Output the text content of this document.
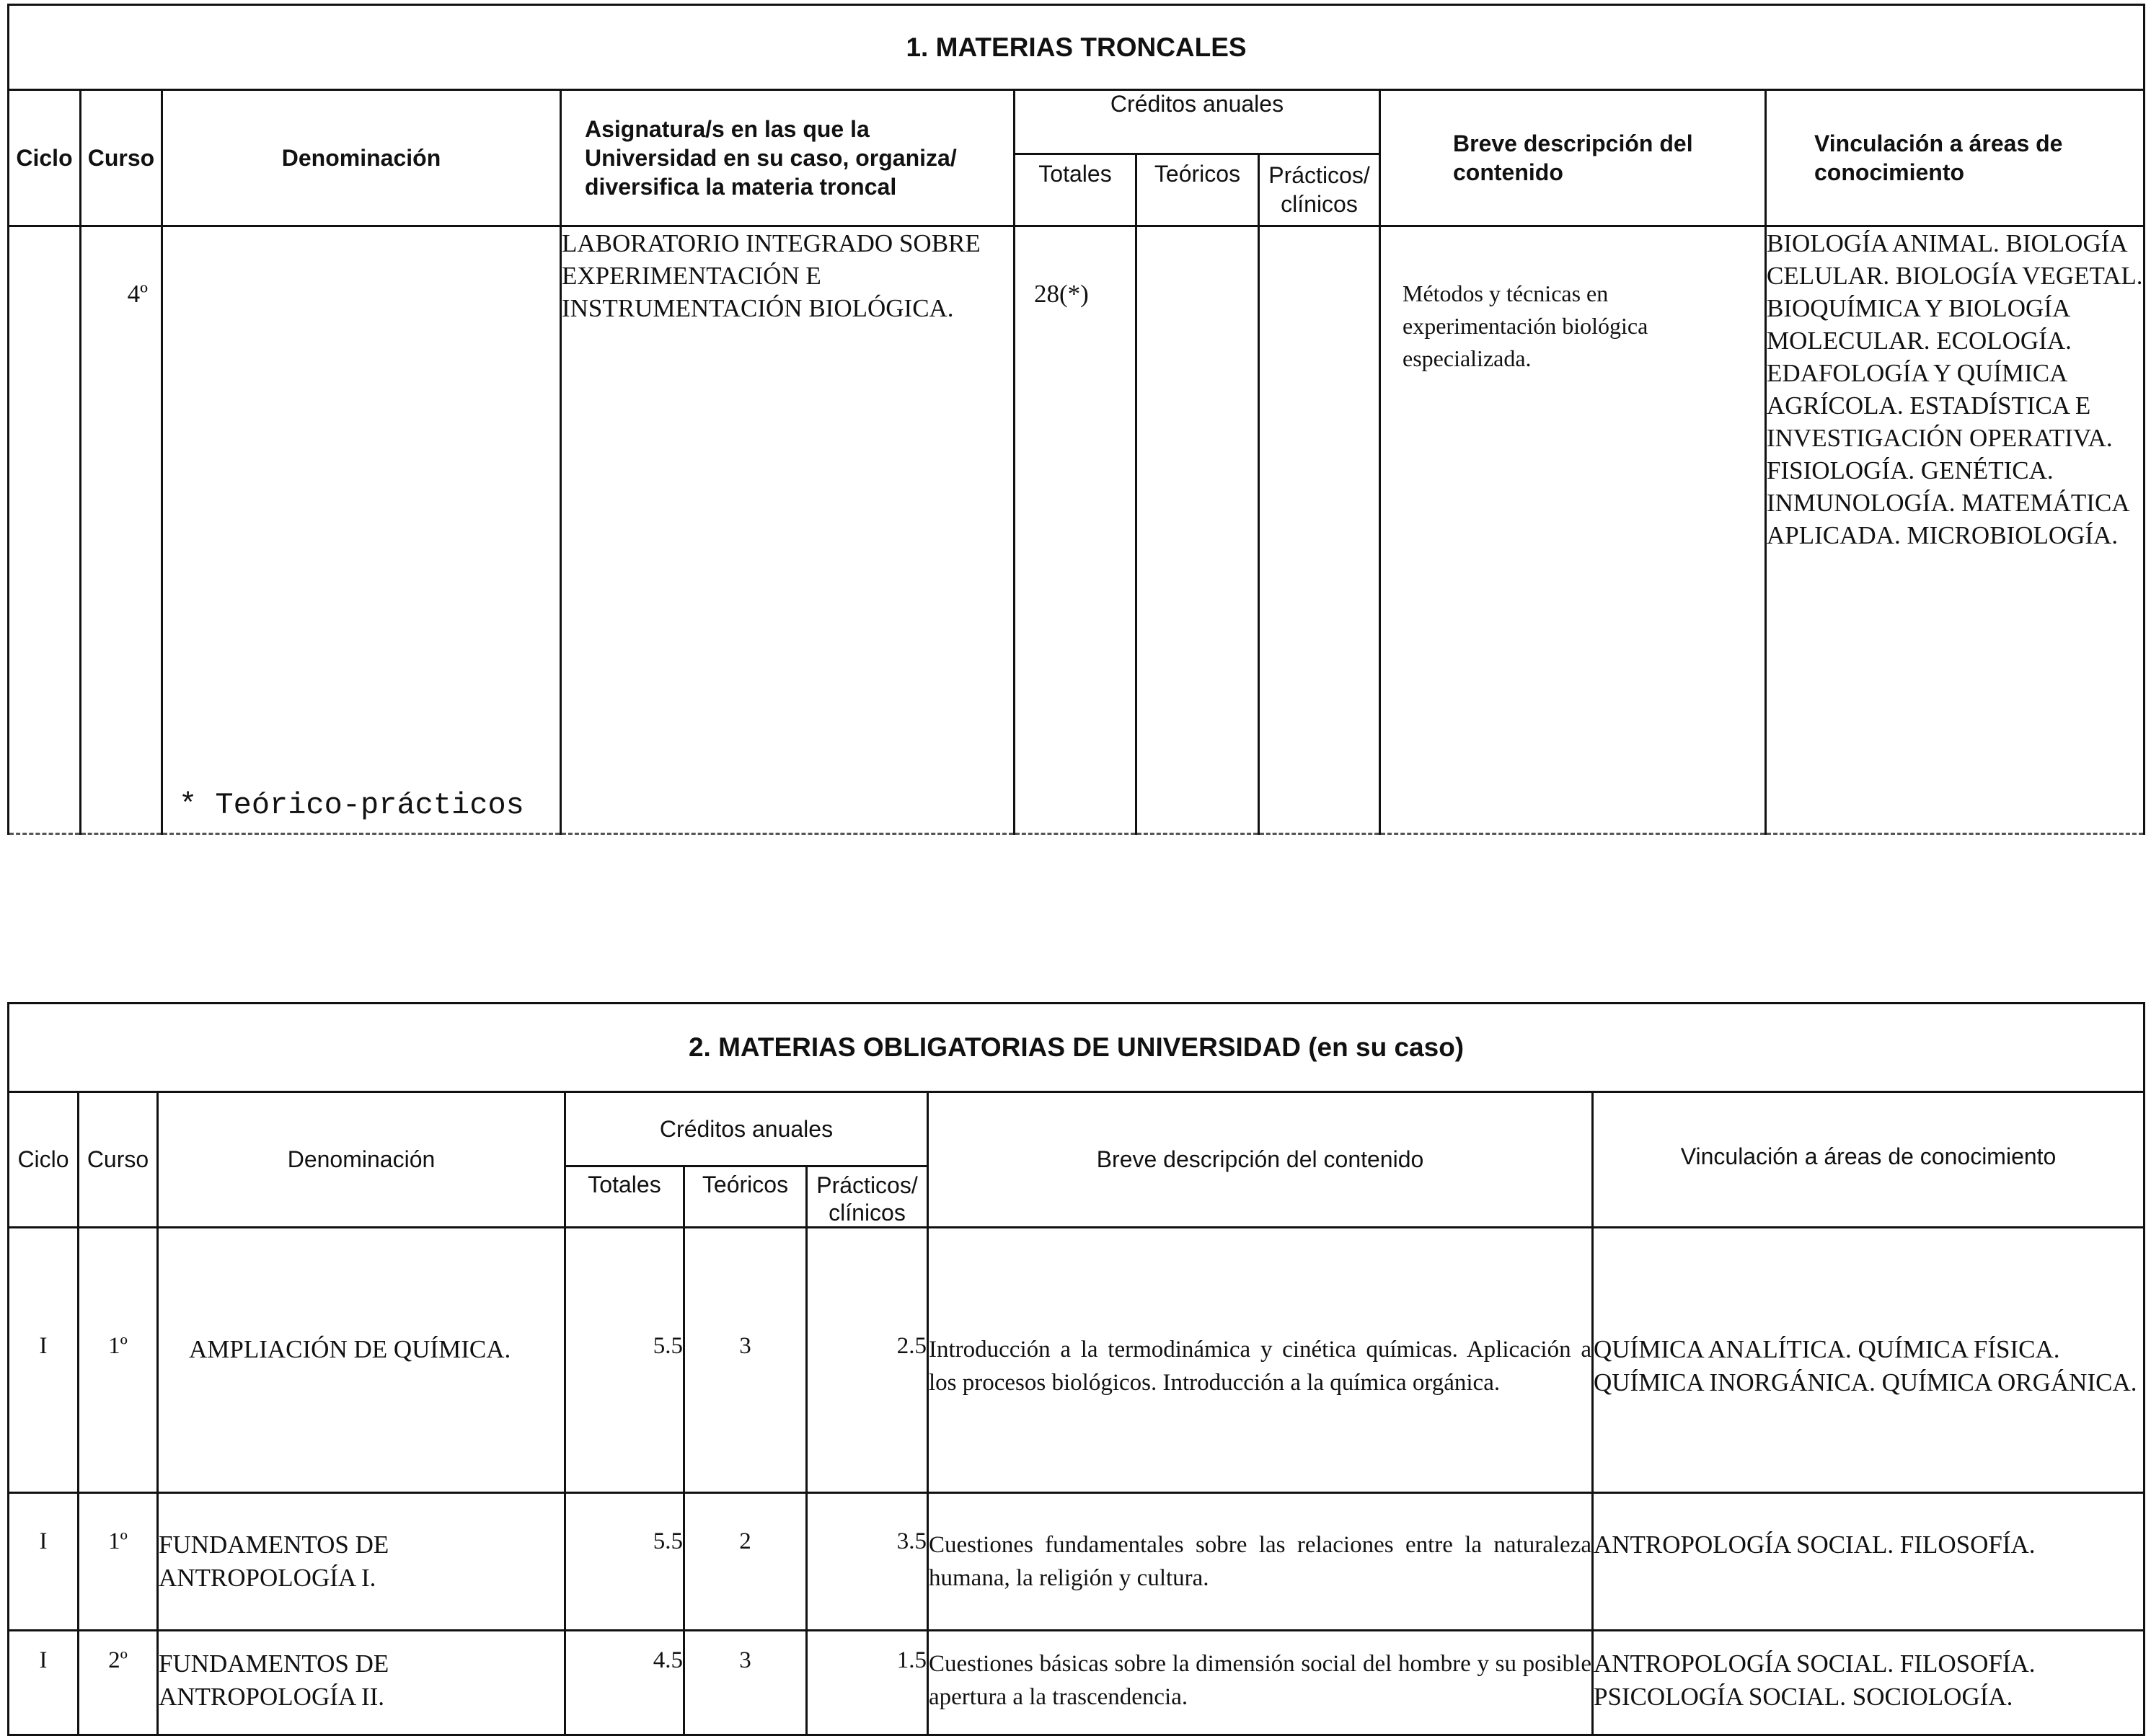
1. MATERIAS TRONCALES								
Ciclo	Curso	Denominación	Asignatura/s en las que la Universidad en su caso, organiza/ diversifica la materia troncal	Créditos anuales			Breve descripción del contenido	Vinculación a áreas de conocimiento
				Totales	Teóricos	Prácticos/ clínicos		
	4º	* Teórico-prácticos	LABORATORIO INTEGRADO SOBRE EXPERIMENTACIÓN E INSTRUMENTACIÓN BIOLÓGICA.	28(*)			Métodos y técnicas en experimentación biológica especializada.	BIOLOGÍA ANIMAL. BIOLOGÍA CELULAR. BIOLOGÍA VEGETAL. BIOQUÍMICA Y BIOLOGÍA MOLECULAR. ECOLOGÍA. EDAFOLOGÍA Y QUÍMICA AGRÍCOLA. ESTADÍSTICA E INVESTIGACIÓN OPERATIVA. FISIOLOGÍA. GENÉTICA. INMUNOLOGÍA. MATEMÁTICA APLICADA. MICROBIOLOGÍA.
2. MATERIAS OBLIGATORIAS DE UNIVERSIDAD (en su caso)							
Ciclo	Curso	Denominación	Créditos anuales			Breve descripción del contenido	Vinculación a áreas de conocimiento
			Totales	Teóricos	Prácticos/ clínicos		
I	1º	AMPLIACIÓN DE QUÍMICA.	5.5	3	2.5	Introducción a la termodinámica y cinética químicas. Aplicación a los procesos biológicos. Introducción a la química orgánica.	QUÍMICA ANALÍTICA. QUÍMICA FÍSICA. QUÍMICA INORGÁNICA. QUÍMICA ORGÁNICA.
I	1º	FUNDAMENTOS DE ANTROPOLOGÍA I.	5.5	2	3.5	Cuestiones fundamentales sobre las relaciones entre la naturaleza humana, la religión y cultura.	ANTROPOLOGÍA SOCIAL. FILOSOFÍA.
I	2º	FUNDAMENTOS DE ANTROPOLOGÍA II.	4.5	3	1.5	Cuestiones básicas sobre la dimensión social del hombre y su posible apertura a la trascendencia.	ANTROPOLOGÍA SOCIAL. FILOSOFÍA. PSICOLOGÍA SOCIAL. SOCIOLOGÍA.
